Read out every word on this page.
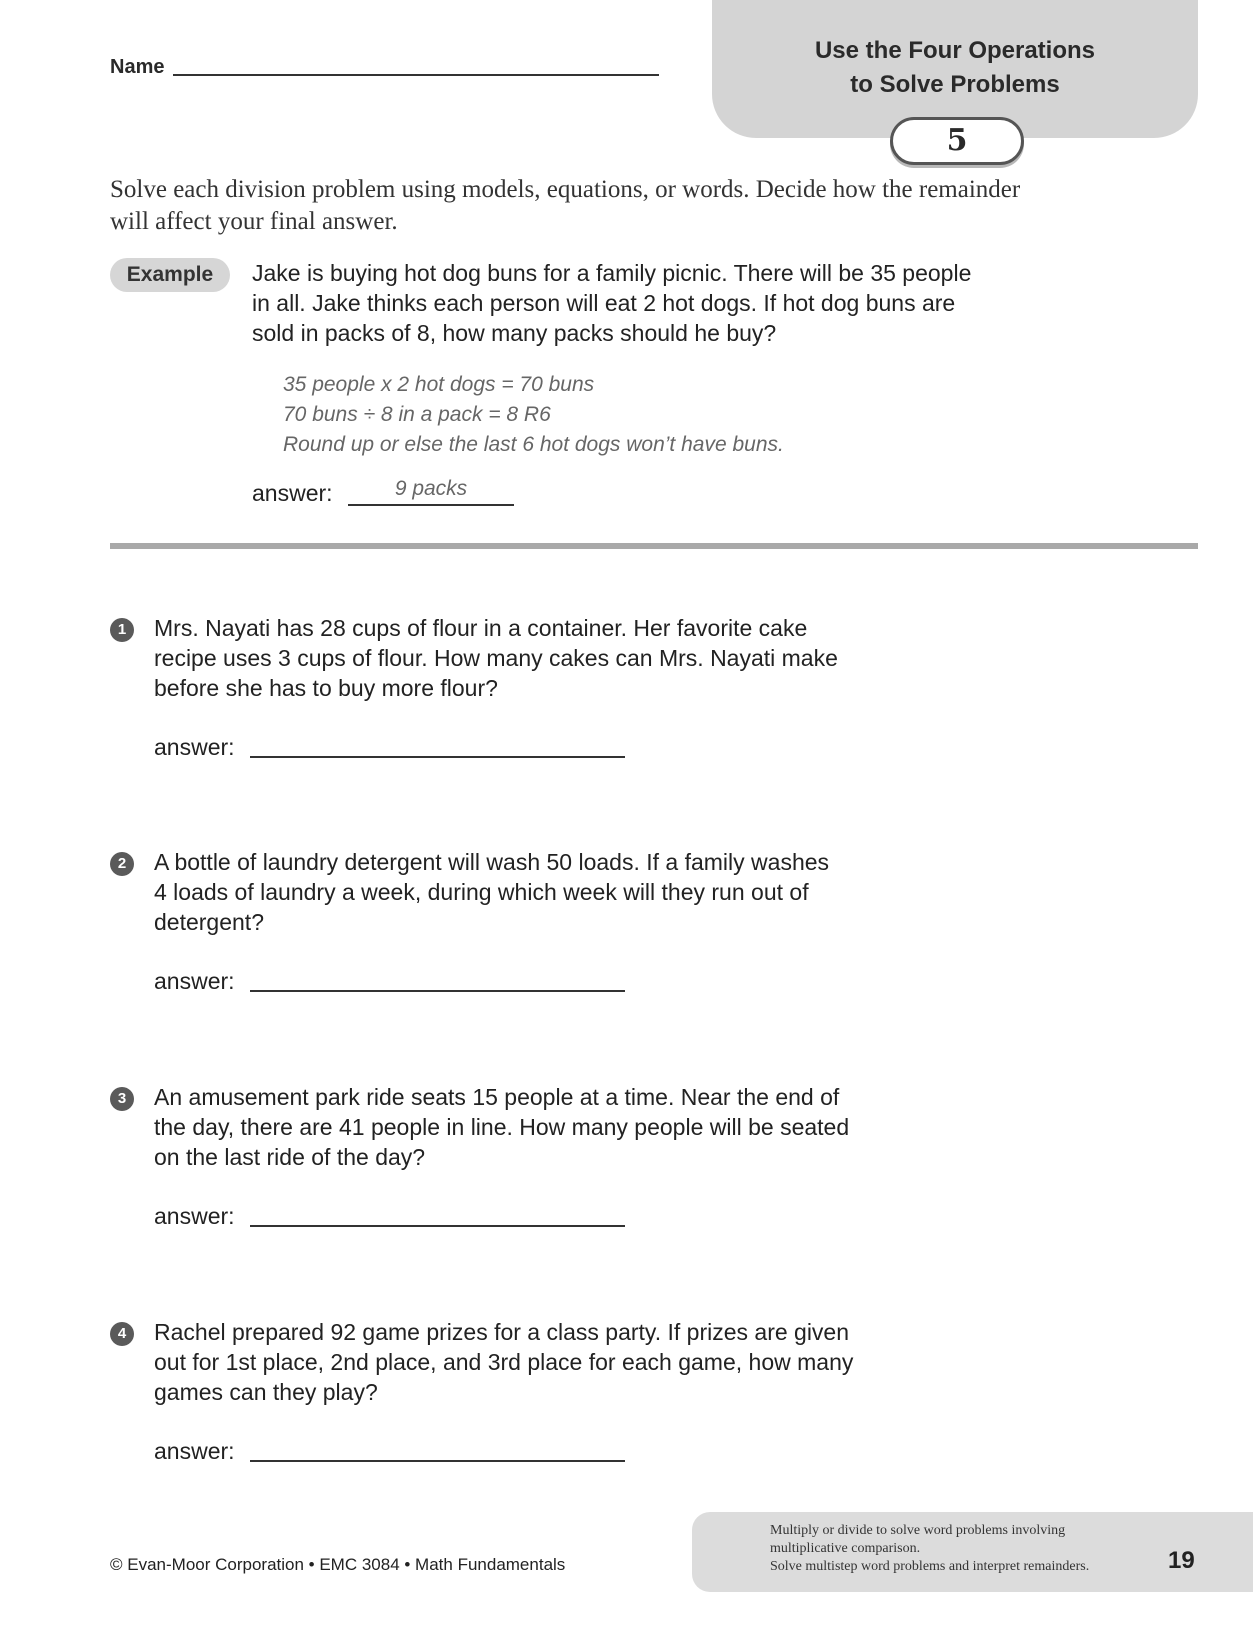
Use the Four Operations
to Solve Problems
5
Name
Solve each division problem using models, equations, or words. Decide how the remainder
will affect your final answer.
Example	Jake is buying hot dog buns for a family picnic. There will be 35 people
in all. Jake thinks each person will eat 2 hot dogs. If hot dog buns are
sold in packs of 8, how many packs should he buy?
35 people x 2 hot dogs = 70 buns
70 buns ÷ 8 in a pack = 8 R6
Round up or else the last 6 hot dogs won’t have buns.
answer:	9 packs
1	Mrs. Nayati has 28 cups of flour in a container. Her favorite cake
recipe uses 3 cups of flour. How many cakes can Mrs. Nayati make
before she has to buy more flour?
answer:
2	A bottle of laundry detergent will wash 50 loads. If a family washes
4 loads of laundry a week, during which week will they run out of
detergent?
answer:
3	An amusement park ride seats 15 people at a time. Near the end of
the day, there are 41 people in line. How many people will be seated
on the last ride of the day?
answer:
4	Rachel prepared 92 game prizes for a class party. If prizes are given
out for 1st place, 2nd place, and 3rd place for each game, how many
games can they play?
answer:
© Evan-Moor Corporation • EMC 3084 • Math Fundamentals
Multiply or divide to solve word problems involving
multiplicative comparison.
Solve multistep word problems and interpret remainders.	19
